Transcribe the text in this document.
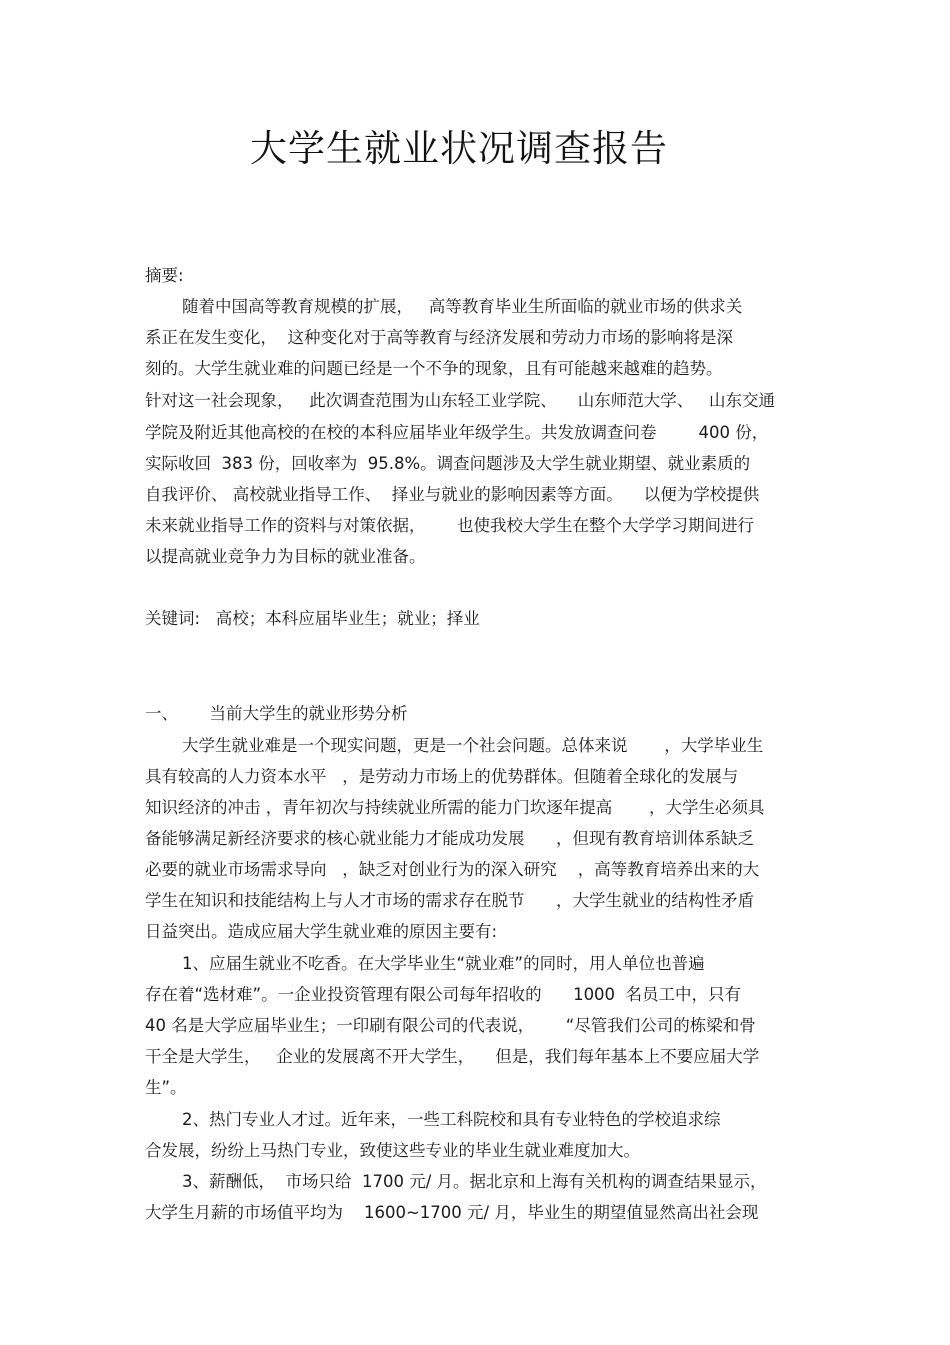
大学生就业状况调查报告
摘要:
随着中国高等教育规模的扩展，   高等教育毕业生所面临的就业市场的供求关
系正在发生变化，  这种变化对于高等教育与经济发展和劳动力市场的影响将是深
刻的。大学生就业难的问题已经是一个不争的现象，且有可能越来越难的趋势。
针对这一社会现象，   此次调查范围为山东轻工业学院、    山东师范大学、   山东交通
学院及附近其他高校的在校的本科应届毕业年级学生。共发放调查问卷        400 份，
实际收回  383 份，回收率为  95.8%。调查问题涉及大学生就业期望、就业素质的
自我评价、 高校就业指导工作、  择业与就业的影响因素等方面。    以便为学校提供
未来就业指导工作的资料与对策依据，      也使我校大学生在整个大学学习期间进行
以提高就业竞争力为目标的就业准备。
关键词:   高校；本科应届毕业生；就业；择业
一、      当前大学生的就业形势分析
大学生就业难是一个现实问题，更是一个社会问题。总体来说       ，大学毕业生
具有较高的人力资本水平   ，是劳动力市场上的优势群体。但随着全球化的发展与
知识经济的冲击 ，青年初次与持续就业所需的能力门坎逐年提高       ，大学生必须具
备能够满足新经济要求的核心就业能力才能成功发展      ，但现有教育培训体系缺乏
必要的就业市场需求导向   ，缺乏对创业行为的深入研究    ，高等教育培养出来的大
学生在知识和技能结构上与人才市场的需求存在脱节      ，大学生就业的结构性矛盾
日益突出。造成应届大学生就业难的原因主要有:
1、应届生就业不吃香。在大学毕业生“就业难”的同时，用人单位也普遍
存在着“选材难”。一企业投资管理有限公司每年招收的      1000  名员工中，只有
40 名是大学应届毕业生；一印刷有限公司的代表说，      “尽管我们公司的栋梁和骨
干全是大学生，   企业的发展离不开大学生，    但是，我们每年基本上不要应届大学
生”。
2、热门专业人才过。近年来，一些工科院校和具有专业特色的学校追求综
合发展，纷纷上马热门专业，致使这些专业的毕业生就业难度加大。
3、薪酬低，  市场只给  1700 元/ 月。据北京和上海有关机构的调查结果显示，
大学生月薪的市场值平均为    1600~1700 元/ 月，毕业生的期望值显然高出社会现
